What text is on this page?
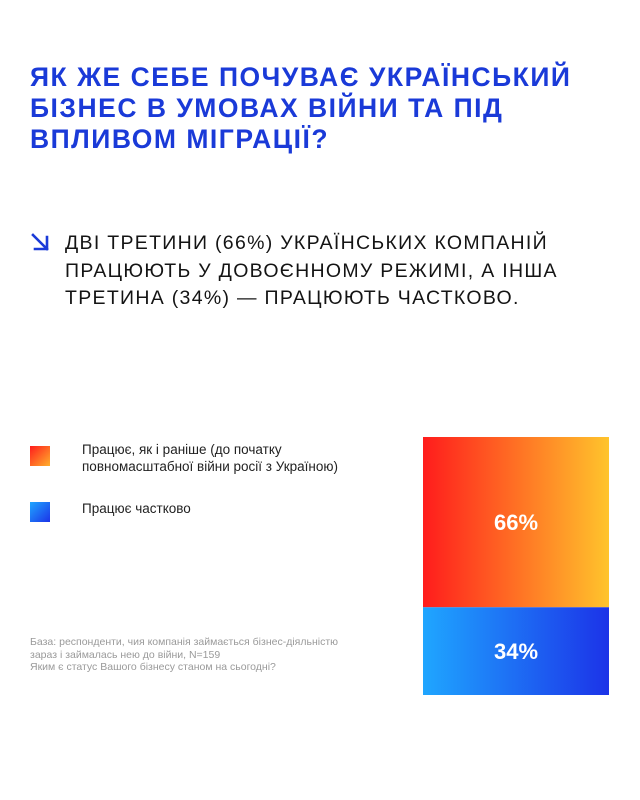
ЯК ЖЕ СЕБЕ ПОЧУВАЄ УКРАЇНСЬКИЙ
БІЗНЕС В УМОВАХ ВІЙНИ ТА ПІД
ВПЛИВОМ МІГРАЦІЇ?
ДВІ ТРЕТИНИ (66%) УКРАЇНСЬКИХ КОМПАНІЙ
ПРАЦЮЮТЬ У ДОВОЄННОМУ РЕЖИМІ, А ІНША
ТРЕТИНА (34%) — ПРАЦЮЮТЬ ЧАСТКОВО.
Працює, як і раніше (до початку
повномасштабної війни росії з Україною)
Працює частково
База: респонденти, чия компанія займається бізнес-діяльністю
зараз і займалась нею до війни, N=159
Яким є статус Вашого бізнесу станом на сьогодні?
66%
34%
